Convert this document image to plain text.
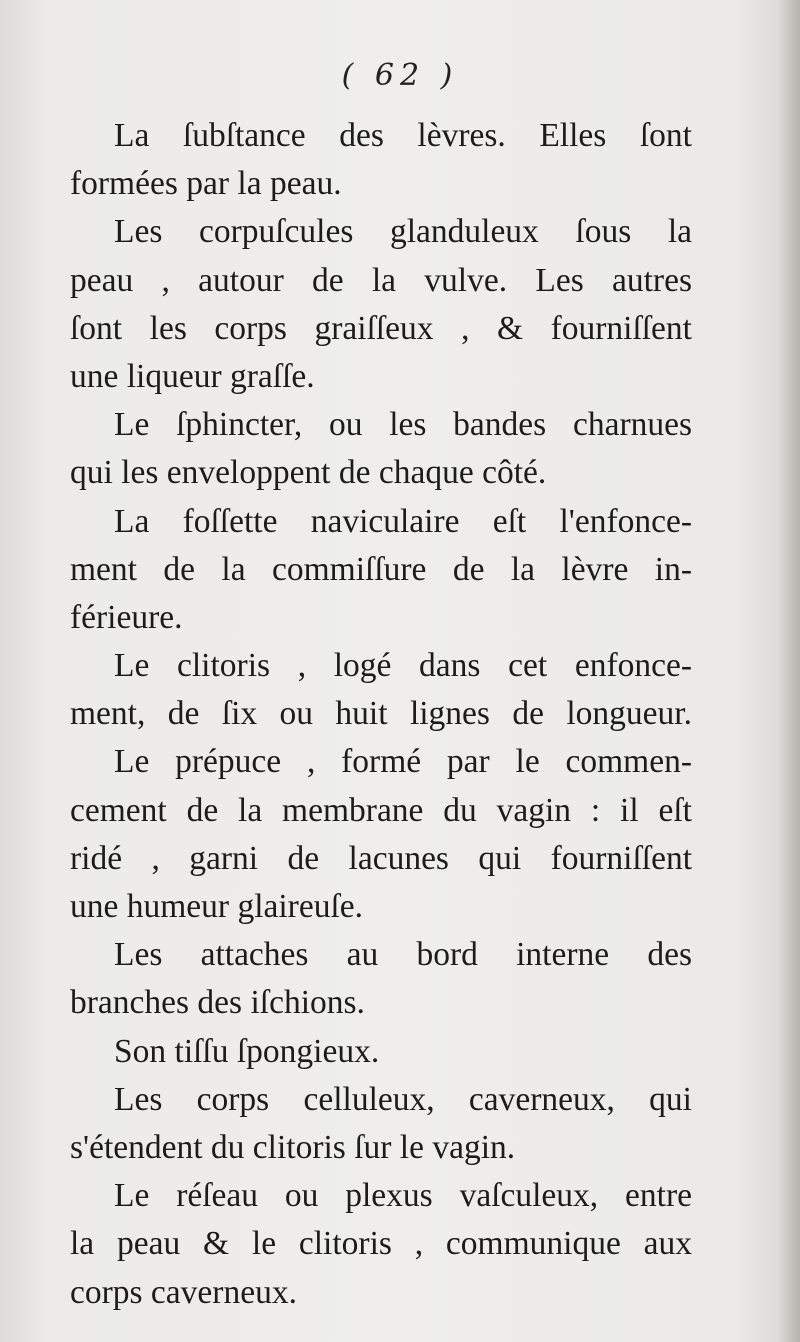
( 62 )
La ſubſtance des lèvres. Elles ſont
formées par la peau.
Les corpuſcules glanduleux ſous la
peau , autour de la vulve. Les autres
ſont les corps graiſſeux , & fourniſſent
une liqueur graſſe.
Le ſphincter, ou les bandes charnues
qui les enveloppent de chaque côté.
La foſſette naviculaire eſt l'enfonce-
ment de la commiſſure de la lèvre in-
férieure.
Le clitoris , logé dans cet enfonce-
ment, de ſix ou huit lignes de longueur.
Le prépuce , formé par le commen-
cement de la membrane du vagin : il eſt
ridé , garni de lacunes qui fourniſſent
une humeur glaireuſe.
Les attaches au bord interne des
branches des iſchions.
Son tiſſu ſpongieux.
Les corps celluleux, caverneux, qui
s'étendent du clitoris ſur le vagin.
Le réſeau ou plexus vaſculeux, entre
la peau & le clitoris , communique aux
corps caverneux.
